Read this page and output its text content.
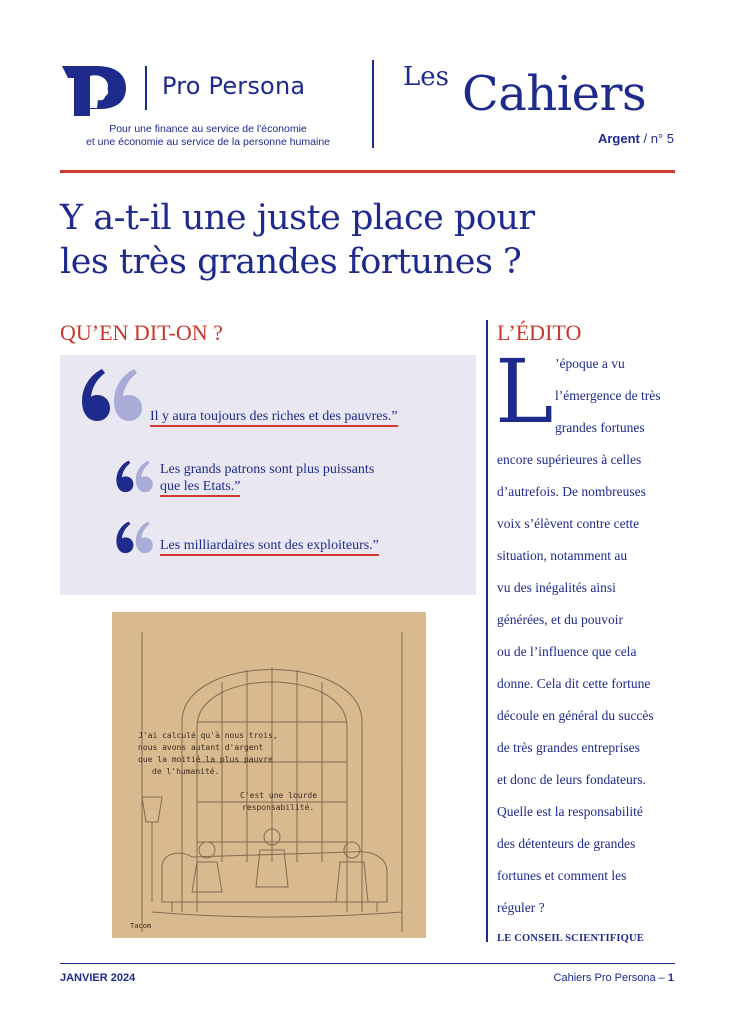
Pro Persona
Pour une finance au service de l'économie
et une économie au service de la personne humaine
Les Cahiers
Argent / n° 5
Y a-t-il une juste place pour
les très grandes fortunes ?
QU’EN DIT-ON ?	L’ÉDITO
Il y aura toujours des riches et des pauvres.”
Les grands patrons sont plus puissants
que les Etats.”
Les milliardaires sont des exploiteurs.”
J'ai calculé qu'à nous trois,
nous avons autant d'argent
que la moitié la plus pauvre
de l'humanité.
C'est une lourde
responsabilité.
Tacom
L ’époque a vu
l’émergence de très
grandes fortunes
encore supérieures à celles
d’autrefois. De nombreuses
voix s’élèvent contre cette
situation, notamment au
vu des inégalités ainsi
générées, et du pouvoir
ou de l’influence que cela
donne. Cela dit cette fortune
découle en général du succès
de très grandes entreprises
et donc de leurs fondateurs.
Quelle est la responsabilité
des détenteurs de grandes
fortunes et comment les
réguler ?
LE CONSEIL SCIENTIFIQUE
JANVIER 2024	Cahiers Pro Persona – 1
